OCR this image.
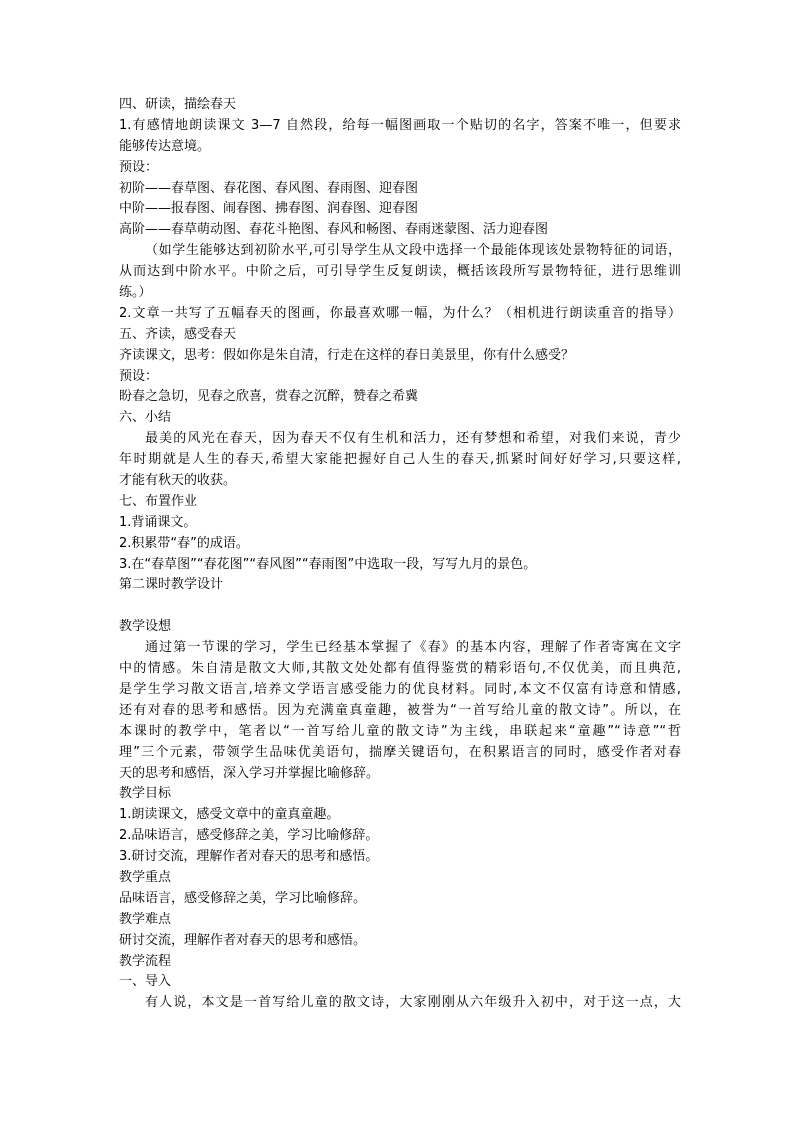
四、研读，描绘春天
1.有感情地朗读课文 3—7 自然段，给每一幅图画取一个贴切的名字，答案不唯一，但要求
能够传达意境。
预设：
初阶——春草图、春花图、春风图、春雨图、迎春图
中阶——报春图、闹春图、拂春图、润春图、迎春图
高阶——春草萌动图、春花斗艳图、春风和畅图、春雨迷蒙图、活力迎春图
（如学生能够达到初阶水平,可引导学生从文段中选择一个最能体现该处景物特征的词语，
从而达到中阶水平。中阶之后，可引导学生反复朗读，概括该段所写景物特征，进行思维训
练。）
2.文章一共写了五幅春天的图画，你最喜欢哪一幅，为什么？（相机进行朗读重音的指导）
五、齐读，感受春天
齐读课文，思考：假如你是朱自清，行走在这样的春日美景里，你有什么感受？
预设：
盼春之急切，见春之欣喜，赏春之沉醉，赞春之希冀
六、小结
最美的风光在春天，因为春天不仅有生机和活力，还有梦想和希望，对我们来说，青少
年时期就是人生的春天,希望大家能把握好自己人生的春天,抓紧时间好好学习,只要这样,
才能有秋天的收获。
七、布置作业
1.背诵课文。
2.积累带“春”的成语。
3.在“春草图”“春花图”“春风图”“春雨图”中选取一段，写写九月的景色。
第二课时教学设计
教学设想
通过第一节课的学习，学生已经基本掌握了《春》的基本内容，理解了作者寄寓在文字
中的情感。朱自清是散文大师,其散文处处都有值得鉴赏的精彩语句,不仅优美，而且典范,
是学生学习散文语言,培养文学语言感受能力的优良材料。同时,本文不仅富有诗意和情感,
还有对春的思考和感悟。因为充满童真童趣，被誉为“一首写给儿童的散文诗”。所以，在
本课时的教学中，笔者以“一首写给儿童的散文诗”为主线，串联起来“童趣”“诗意”“哲
理”三个元素，带领学生品味优美语句，揣摩关键语句，在积累语言的同时，感受作者对春
天的思考和感悟，深入学习并掌握比喻修辞。
教学目标
1.朗读课文，感受文章中的童真童趣。
2.品味语言，感受修辞之美，学习比喻修辞。
3.研讨交流，理解作者对春天的思考和感悟。
教学重点
品味语言，感受修辞之美，学习比喻修辞。
教学难点
研讨交流，理解作者对春天的思考和感悟。
教学流程
一、导入
有人说，本文是一首写给儿童的散文诗，大家刚刚从六年级升入初中，对于这一点，大
